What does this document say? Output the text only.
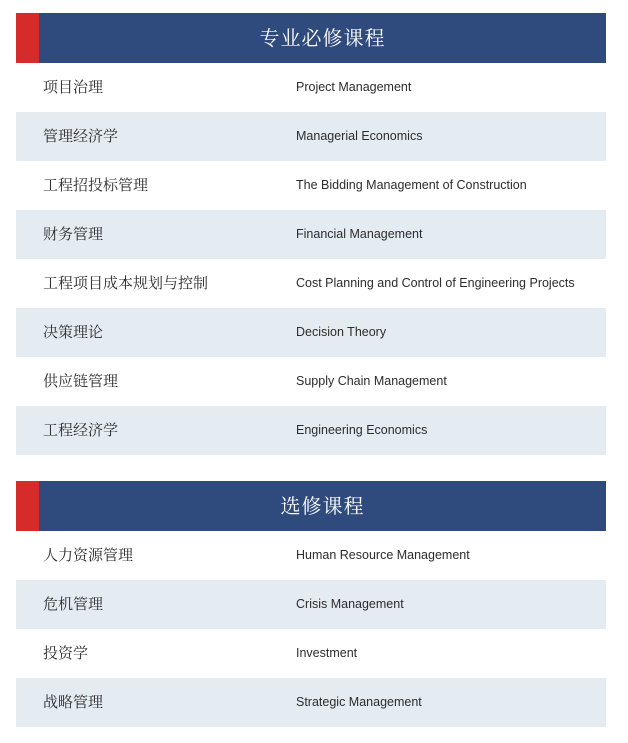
专业必修课程
项目治理	Project Management
管理经济学	Managerial Economics
工程招投标管理	The Bidding Management of Construction
财务管理	Financial Management
工程项目成本规划与控制	Cost Planning and Control of Engineering Projects
决策理论	Decision Theory
供应链管理	Supply Chain Management
工程经济学	Engineering Economics
选修课程
人力资源管理	Human Resource Management
危机管理	Crisis Management
投资学	Investment
战略管理	Strategic Management
